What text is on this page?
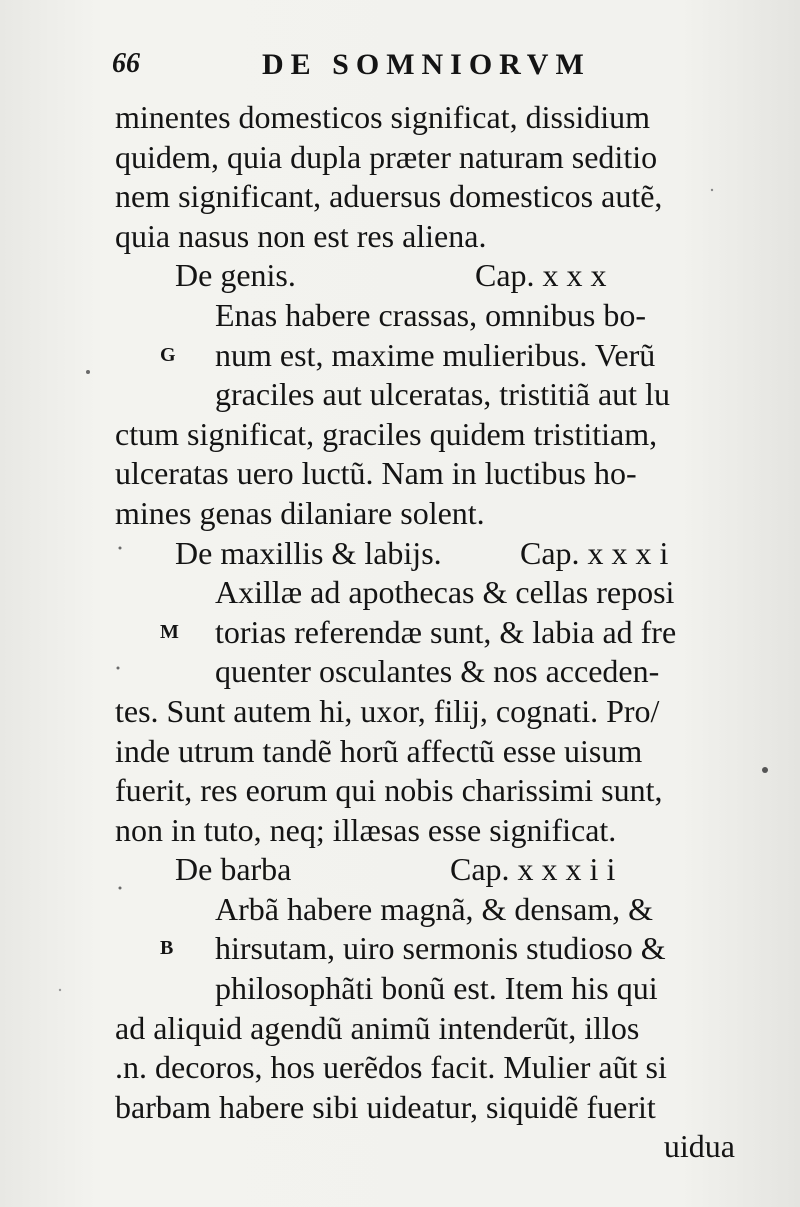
66	DE SOMNIORVM
minentes domesticos significat, dissidium
quidem, quia dupla præter naturam seditio
nem significant, aduersus domesticos autẽ,
quia nasus non est res aliena.
De genis.	Cap. x x x
Enas habere crassas, omnibus bo-
G num est, maxime mulieribus. Verũ
graciles aut ulceratas, tristitiã aut lu
ctum significat, graciles quidem tristitiam,
ulceratas uero luctũ. Nam in luctibus ho-
mines genas dilaniare solent.
De maxillis & labijs. Cap. x x x i
Axillæ ad apothecas & cellas reposi
M torias referendæ sunt, & labia ad fre
quenter osculantes & nos acceden-
tes. Sunt autem hi, uxor, filij, cognati. Pro/
inde utrum tandẽ horũ affectũ esse uisum
fuerit, res eorum qui nobis charissimi sunt,
non in tuto, neq; illæsas esse significat.
De barba	Cap. x x x i i
Arbã habere magnã, & densam, &
B hirsutam, uiro sermonis studioso &
philosophãti bonũ est. Item his qui
ad aliquid agendũ animũ intenderũt, illos
.n. decoros, hos uerẽdos facit. Mulier aũt si
barbam habere sibi uideatur, siquidẽ fuerit
uidua
